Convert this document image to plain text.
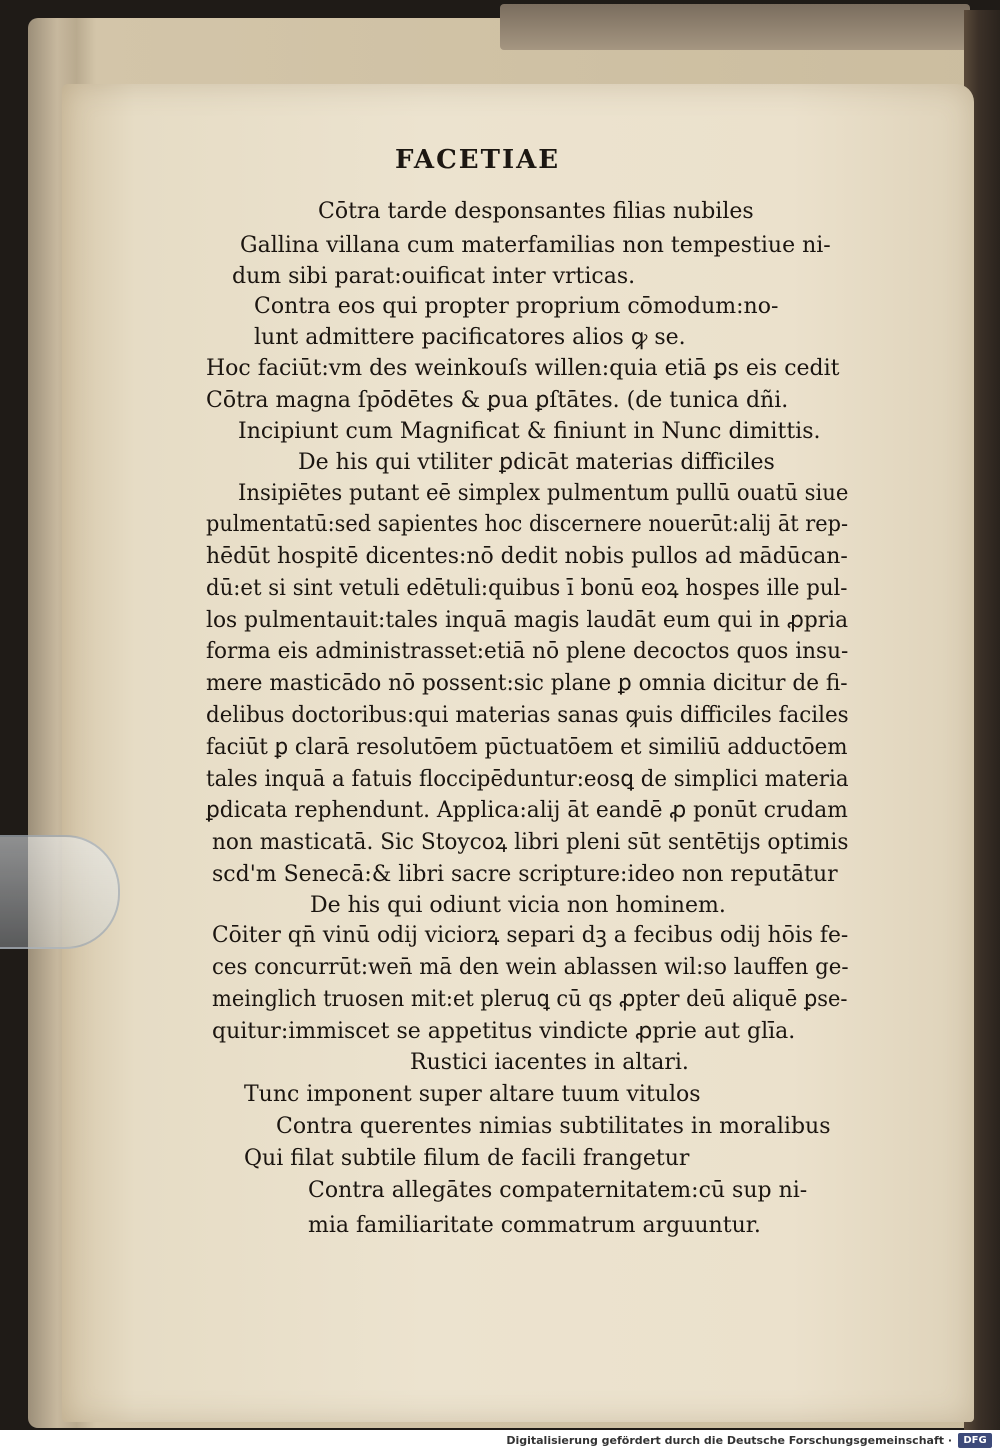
FACETIAE
Cōtra tarde desponsantes filias nubiles
Gallina villana cum materfamilias non tempestiue ni-
dum sibi parat:ouificat inter vrticas.
Contra eos qui propter proprium cōmodum:no-
lunt admittere pacificatores alios ꝙ se.
Hoc faciūt:vm des weinkouſs willen:quia etiā ꝑs eis cedit
Cōtra magna ſpōdētes & ꝑua ꝑſtātes. (de tunica dñi.
Incipiunt cum Magnificat & finiunt in Nunc dimittis.
De his qui vtiliter ꝑdicāt materias difficiles
Insipiētes putant eē simplex pulmentum pullū ouatū siue
pulmentatū:sed sapientes hoc discernere nouerūt:alij āt rep-
hēdūt hospitē dicentes:nō dedit nobis pullos ad mādūcan-
dū:et si sint vetuli edētuli:quibus ī bonū eoꝝ hospes ille pul-
los pulmentauit:tales inquā magis laudāt eum qui in ꝓpria
forma eis administrasset:etiā nō plene decoctos quos insu-
mere masticādo nō possent:sic plane ꝑ omnia dicitur de fi-
delibus doctoribus:qui materias sanas ꝙuis difficiles faciles
faciūt ꝑ clarā resolutōem pūctuatōem et similiū adductōem
tales inquā a fatuis floccipēduntur:eosꝗ de simplici materia
ꝑdicata rephendunt. Applica:alij āt eandē ꝓ ponūt crudam
non masticatā. Sic Stoycoꝝ libri pleni sūt sentētijs optimis
scd'm Senecā:& libri sacre scripture:ideo non reputātur
De his qui odiunt vicia non hominem.
Cōiter qn̄ vinū odij viciorꝝ separi dꝫ a fecibus odij hōis fe-
ces concurrūt:wen̄ mā den wein ablassen wil:so lauffen ge-
meinglich truosen mit:et pleruꝗ cū qs ꝓpter deū aliquē ꝑse-
quitur:immiscet se appetitus vindicte ꝓprie aut glīa.
Rustici iacentes in altari.
Tunc imponent super altare tuum vitulos
Contra querentes nimias subtilitates in moralibus
Qui filat subtile filum de facili frangetur
Contra allegātes compaternitatem:cū sup ni-
mia familiaritate commatrum arguuntur.
Digitalisierung gefördert durch die Deutsche Forschungsgemeinschaft ·	DFG
